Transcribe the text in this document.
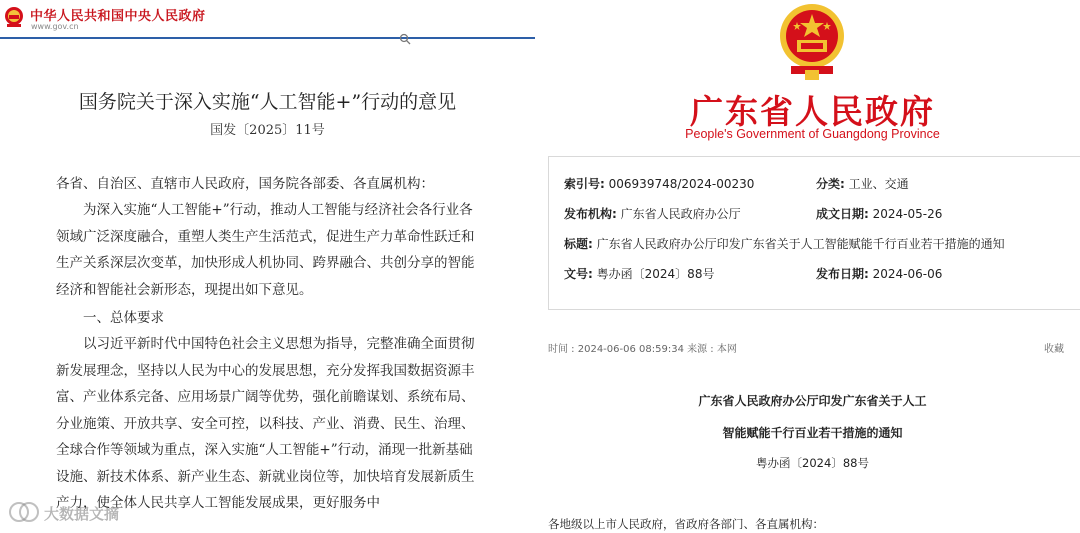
中华人民共和国中央人民政府
www.gov.cn
国务院关于深入实施“人工智能+”行动的意见
国发〔2025〕11号
各省、自治区、直辖市人民政府，国务院各部委、各直属机构：
为深入实施“人工智能+”行动，推动人工智能与经济社会各行业各领域广泛深度融合，重塑人类生产生活范式，促进生产力革命性跃迁和生产关系深层次变革，加快形成人机协同、跨界融合、共创分享的智能经济和智能社会新形态，现提出如下意见。
一、总体要求
以习近平新时代中国特色社会主义思想为指导，完整准确全面贯彻新发展理念，坚持以人民为中心的发展思想，充分发挥我国数据资源丰富、产业体系完备、应用场景广阔等优势，强化前瞻谋划、系统布局、分业施策、开放共享、安全可控，以科技、产业、消费、民生、治理、全球合作等领域为重点，深入实施“人工智能+”行动，涌现一批新基础设施、新技术体系、新产业生态、新就业岗位等，加快培育发展新质生产力，使全体人民共享人工智能发展成果，更好服务中
大数据文摘
广东省人民政府
People's Government of Guangdong Province
索引号: 006939748/2024-00230	分类: 工业、交通
发布机构: 广东省人民政府办公厅	成文日期: 2024-05-26
标题: 广东省人民政府办公厅印发广东省关于人工智能赋能千行百业若干措施的通知
文号: 粤办函〔2024〕88号	发布日期: 2024-06-06
时间 : 2024-06-06 08:59:34 来源 : 本网	收藏
广东省人民政府办公厅印发广东省关于人工
智能赋能千行百业若干措施的通知
粤办函〔2024〕88号
各地级以上市人民政府，省政府各部门、各直属机构：
